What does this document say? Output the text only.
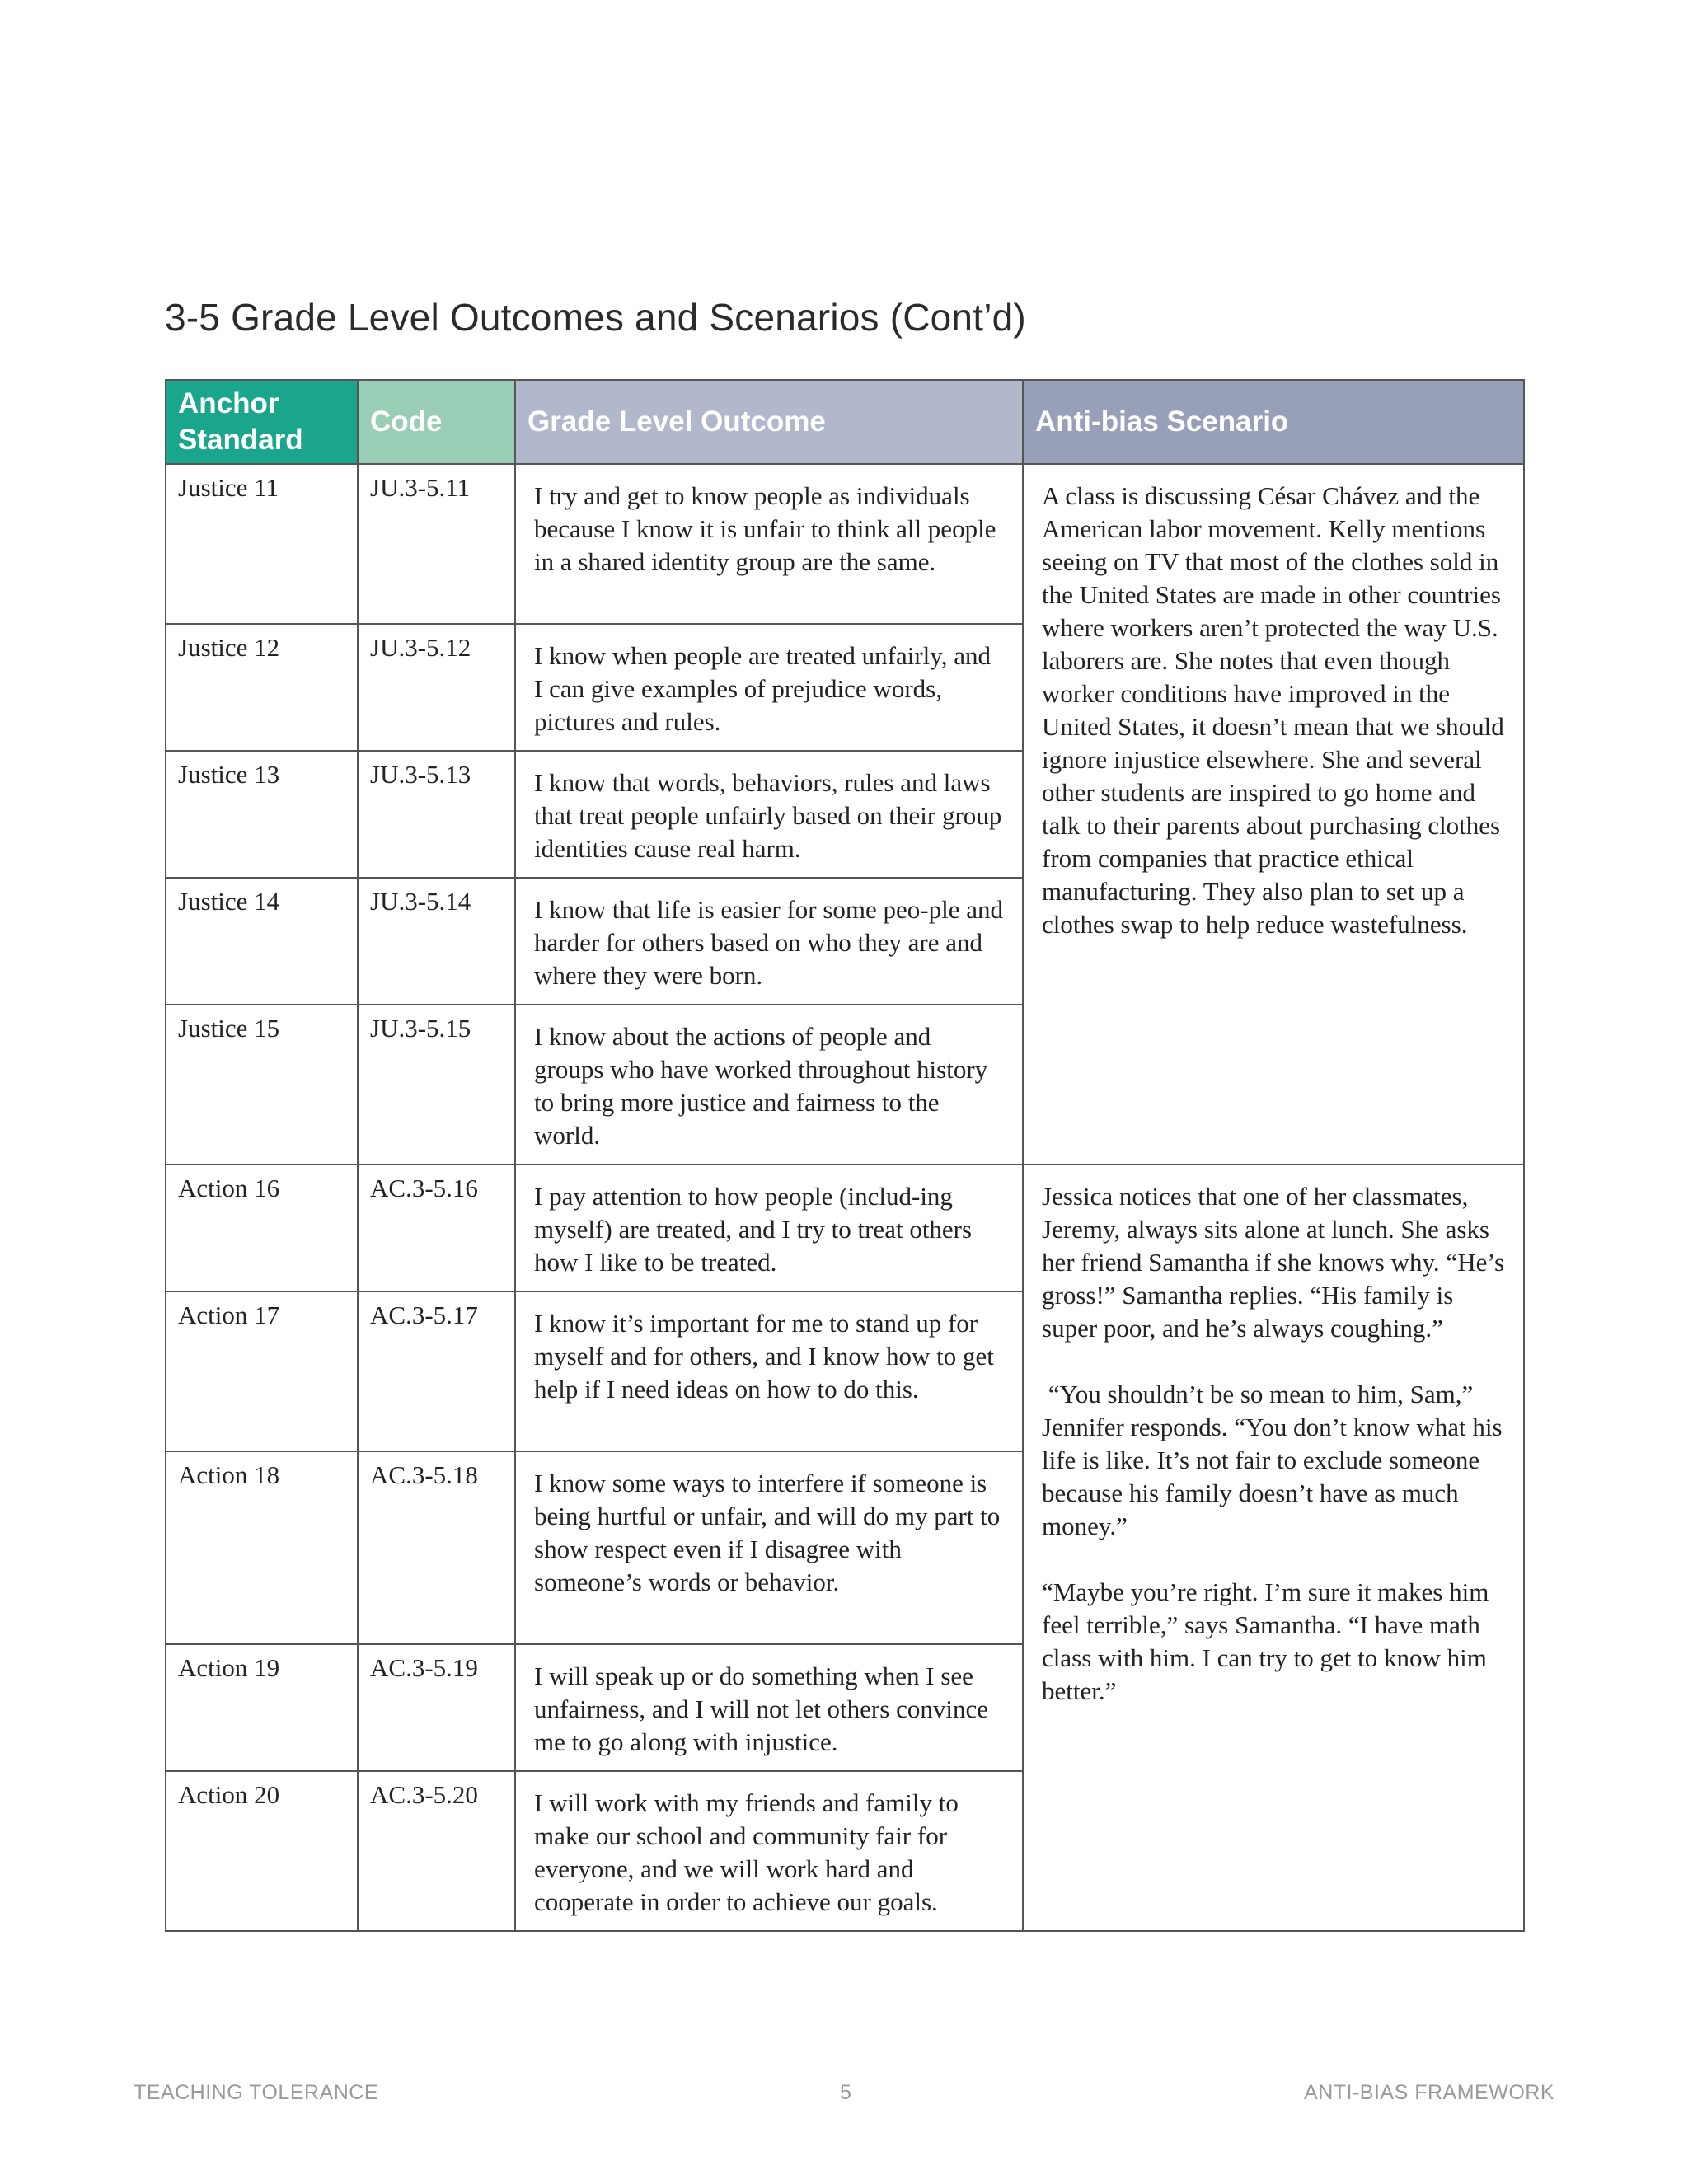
3-5 Grade Level Outcomes and Scenarios (Cont’d)
Anchor Standard	Code	Grade Level Outcome	Anti-bias Scenario
Justice 11	JU.3-5.11	I try and get to know people as individuals because I know it is unfair to think all people in a shared identity group are the same.	A class is discussing César Chávez and the American labor movement. Kelly mentions seeing on TV that most of the clothes sold in the United States are made in other countries where workers aren’t protected the way U.S. laborers are. She notes that even though worker conditions have improved in the United States, it doesn’t mean that we should ignore injustice elsewhere. She and several other students are inspired to go home and talk to their parents about purchasing clothes from companies that practice ethical manufacturing. They also plan to set up a clothes swap to help reduce wastefulness.

Justice 12	JU.3-5.12	I know when people are treated unfairly, and I can give examples of prejudice words, pictures and rules.	
Justice 13	JU.3-5.13	I know that words, behaviors, rules and laws that treat people unfairly based on their group identities cause real harm.	
Justice 14	JU.3-5.14	I know that life is easier for some peo-ple and harder for others based on who they are and where they were born.	
Justice 15	JU.3-5.15	I know about the actions of people and groups who have worked throughout history to bring more justice and fairness to the world.	
Action 16	AC.3-5.16	I pay attention to how people (includ-ing myself) are treated, and I try to treat others how I like to be treated.	Jessica notices that one of her classmates, Jeremy, always sits alone at lunch. She asks her friend Samantha if she knows why. “He’s gross!” Samantha replies. “His family is super poor, and he’s always coughing.”

“You shouldn’t be so mean to him, Sam,” Jennifer responds. “You don’t know what his life is like. It’s not fair to exclude someone because his family doesn’t have as much money.”

“Maybe you’re right. I’m sure it makes him feel terrible,” says Samantha. “I have math class with him. I can try to get to know him better.”

Action 17	AC.3-5.17	I know it’s important for me to stand up for myself and for others, and I know how to get help if I need ideas on how to do this.	
Action 18	AC.3-5.18	I know some ways to interfere if someone is being hurtful or unfair, and will do my part to show respect even if I disagree with someone’s words or behavior.	
Action 19	AC.3-5.19	I will speak up or do something when I see unfairness, and I will not let others convince me to go along with injustice.	
Action 20	AC.3-5.20	I will work with my friends and family to make our school and community fair for everyone, and we will work hard and cooperate in order to achieve our goals.	
TEACHING TOLERANCE	5	ANTI-BIAS FRAMEWORK
